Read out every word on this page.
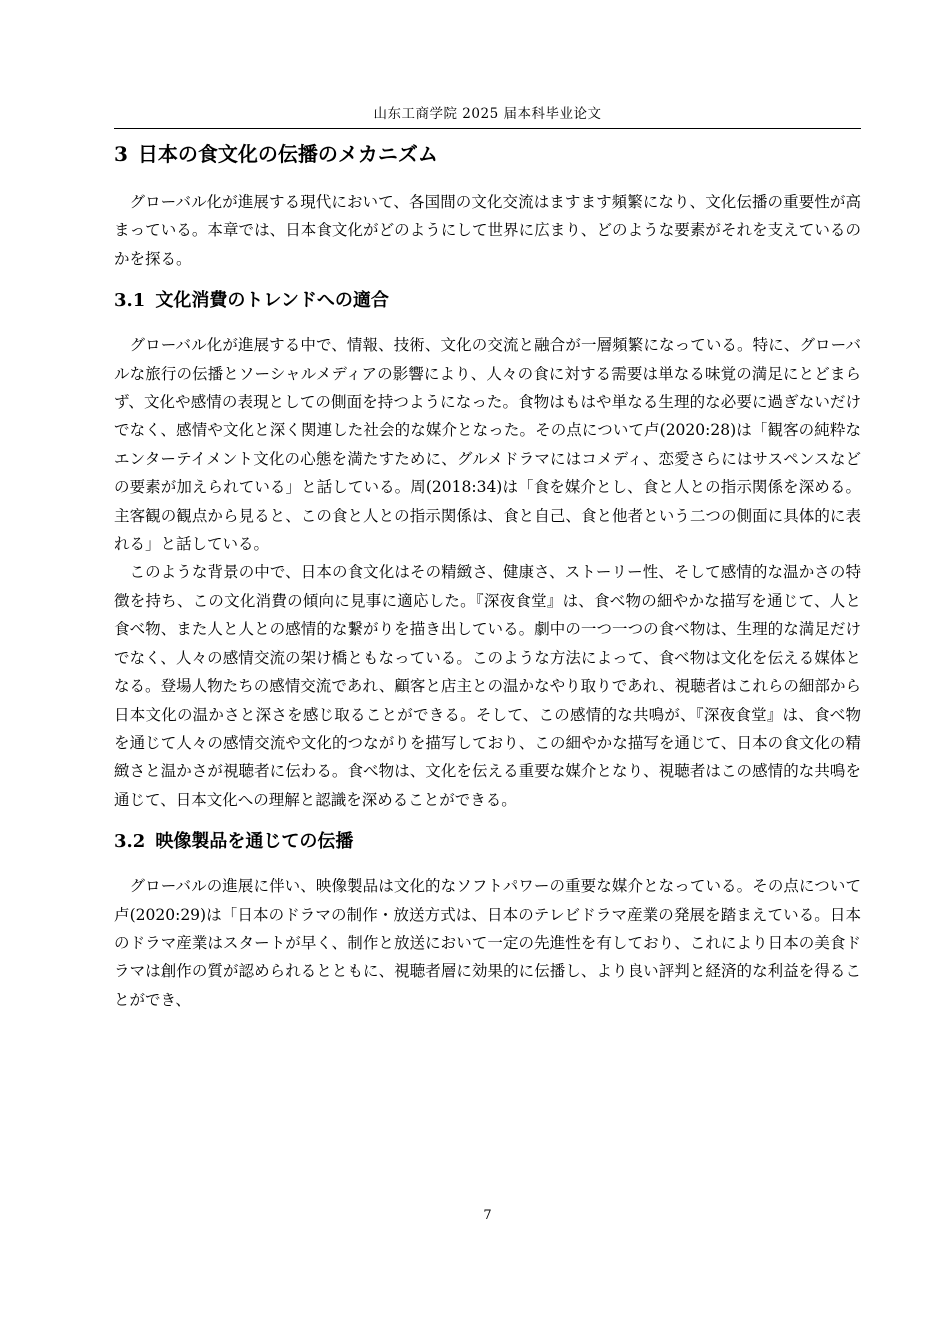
山东工商学院 2025 届本科毕业论文
3 日本の食文化の伝播のメカニズム

グローバル化が進展する現代において、各国間の文化交流はますます頻繁になり、文化伝播の重要性が高まっている。本章では、日本食文化がどのようにして世界に広まり、どのような要素がそれを支えているのかを探る。

3.1 文化消費のトレンドへの適合

グローバル化が進展する中で、情報、技術、文化の交流と融合が一層頻繁になっている。特に、グローバルな旅行の伝播とソーシャルメディアの影響により、人々の食に対する需要は単なる味覚の満足にとどまらず、文化や感情の表現としての側面を持つようになった。食物はもはや単なる生理的な必要に過ぎないだけでなく、感情や文化と深く関連した社会的な媒介となった。その点について卢(2020:28)は「観客の純粋なエンターテイメント文化の心態を満たすために、グルメドラマにはコメディ、恋愛さらにはサスペンスなどの要素が加えられている」と話している。周(2018:34)は「食を媒介とし、食と人との指示関係を深める。主客観の観点から見ると、この食と人との指示関係は、食と自己、食と他者という二つの側面に具体的に表れる」と話している。

このような背景の中で、日本の食文化はその精緻さ、健康さ、ストーリー性、そして感情的な温かさの特徴を持ち、この文化消費の傾向に見事に適応した。『深夜食堂』は、食べ物の細やかな描写を通じて、人と食べ物、また人と人との感情的な繋がりを描き出している。劇中の一つ一つの食べ物は、生理的な満足だけでなく、人々の感情交流の架け橋ともなっている。このような方法によって、食べ物は文化を伝える媒体となる。登場人物たちの感情交流であれ、顧客と店主との温かなやり取りであれ、視聴者はこれらの細部から日本文化の温かさと深さを感じ取ることができる。そして、この感情的な共鳴が、『深夜食堂』は、食べ物を通じて人々の感情交流や文化的つながりを描写しており、この細やかな描写を通じて、日本の食文化の精緻さと温かさが視聴者に伝わる。食べ物は、文化を伝える重要な媒介となり、視聴者はこの感情的な共鳴を通じて、日本文化への理解と認識を深めることができる。

3.2 映像製品を通じての伝播

グローバルの進展に伴い、映像製品は文化的なソフトパワーの重要な媒介となっている。その点について卢(2020:29)は「日本のドラマの制作・放送方式は、日本のテレビドラマ産業の発展を踏まえている。日本のドラマ産業はスタートが早く、制作と放送において一定の先進性を有しており、これにより日本の美食ドラマは創作の質が認められるとともに、視聴者層に効果的に伝播し、より良い評判と経済的な利益を得ることができ、

7
